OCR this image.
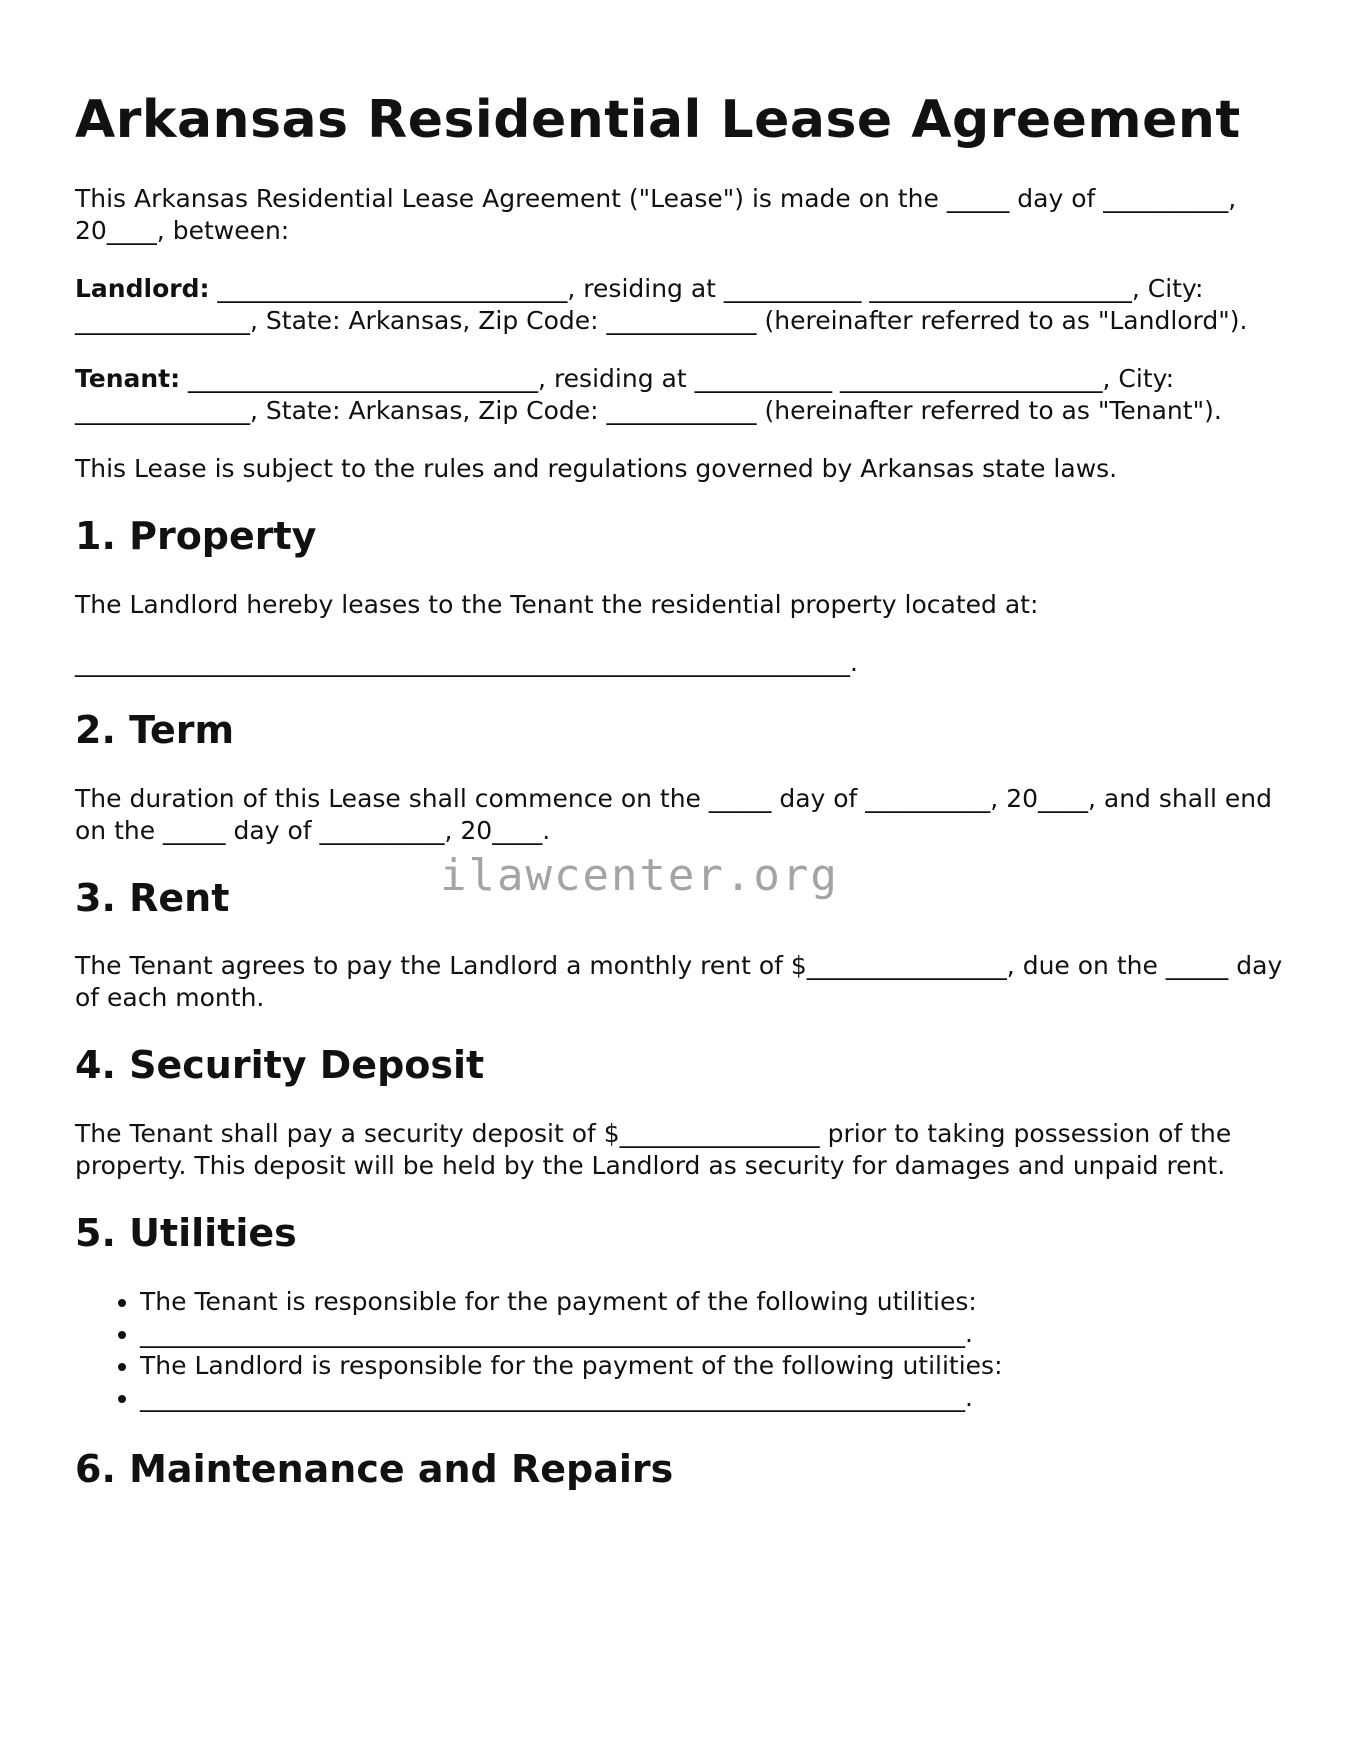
Arkansas Residential Lease Agreement

This Arkansas Residential Lease Agreement ("Lease") is made on the _____ day of __________, 20____, between:

Landlord: ____________________________, residing at ___________ _____________________, City: ______________, State: Arkansas, Zip Code: ____________ (hereinafter referred to as "Landlord").

Tenant: ____________________________, residing at ___________ _____________________, City: ______________, State: Arkansas, Zip Code: ____________ (hereinafter referred to as "Tenant").

This Lease is subject to the rules and regulations governed by Arkansas state laws.

1. Property

The Landlord hereby leases to the Tenant the residential property located at:

______________________________________________________________.
2. Term

The duration of this Lease shall commence on the _____ day of __________, 20____, and shall end on the _____ day of __________, 20____.

3. Rent

The Tenant agrees to pay the Landlord a monthly rent of $________________, due on the _____ day of each month.

4. Security Deposit

The Tenant shall pay a security deposit of $________________ prior to taking possession of the property. This deposit will be held by the Landlord as security for damages and unpaid rent.

5. Utilities
• The Tenant is responsible for the payment of the following utilities:
• __________________________________________________________________.
• The Landlord is responsible for the payment of the following utilities:
• __________________________________________________________________.
6. Maintenance and Repairs
ilawcenter.org
